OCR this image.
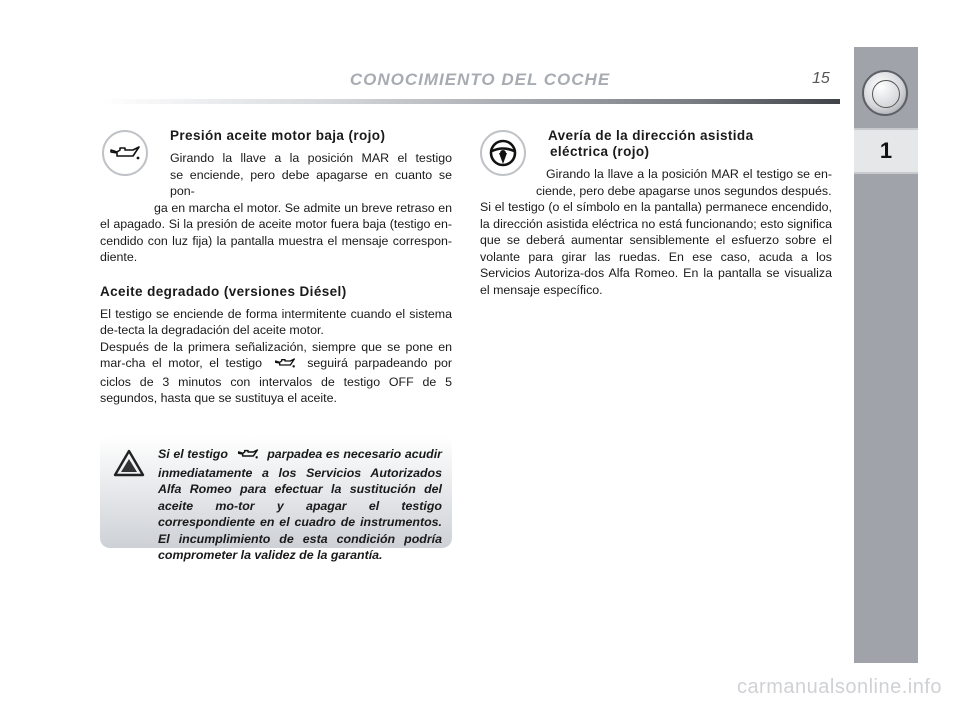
CONOCIMIENTO DEL COCHE	15
1
Presión aceite motor baja (rojo)

Girando la llave a la posición MAR el testigo

se enciende, pero debe apagarse en cuanto se pon-

ga en marcha el motor. Se admite un breve retraso en

el apagado. Si la presión de aceite motor fuera baja (testigo en-cendido con luz fija) la pantalla muestra el mensaje correspon-diente.

Aceite degradado (versiones Diésel)

El testigo se enciende de forma intermitente cuando el sistema de-tecta la degradación del aceite motor.

Después de la primera señalización, siempre que se pone en mar-cha el motor, el testigo	seguirá parpadeando por ciclos de 3 minutos con intervalos de testigo OFF de 5 segundos, hasta que se sustituya el aceite.

Si el testigo	parpadea es necesario acudir inmediatamente a los Servicios Autorizados Alfa Romeo para efectuar la sustitución del aceite mo-tor y apagar el testigo correspondiente en el cuadro de instrumentos. El incumplimiento de esta condición podría comprometer la validez de la garantía.

Avería de la dirección asistida
eléctrica (rojo)

Girando la llave a la posición MAR el testigo se en-

ciende, pero debe apagarse unos segundos después.

Si el testigo (o el símbolo en la pantalla) permanece encendido, la dirección asistida eléctrica no está funcionando; esto significa que se deberá aumentar sensiblemente el esfuerzo sobre el volante para girar las ruedas. En ese caso, acuda a los Servicios Autoriza-dos Alfa Romeo. En la pantalla se visualiza el mensaje específico.

carmanualsonline.info
